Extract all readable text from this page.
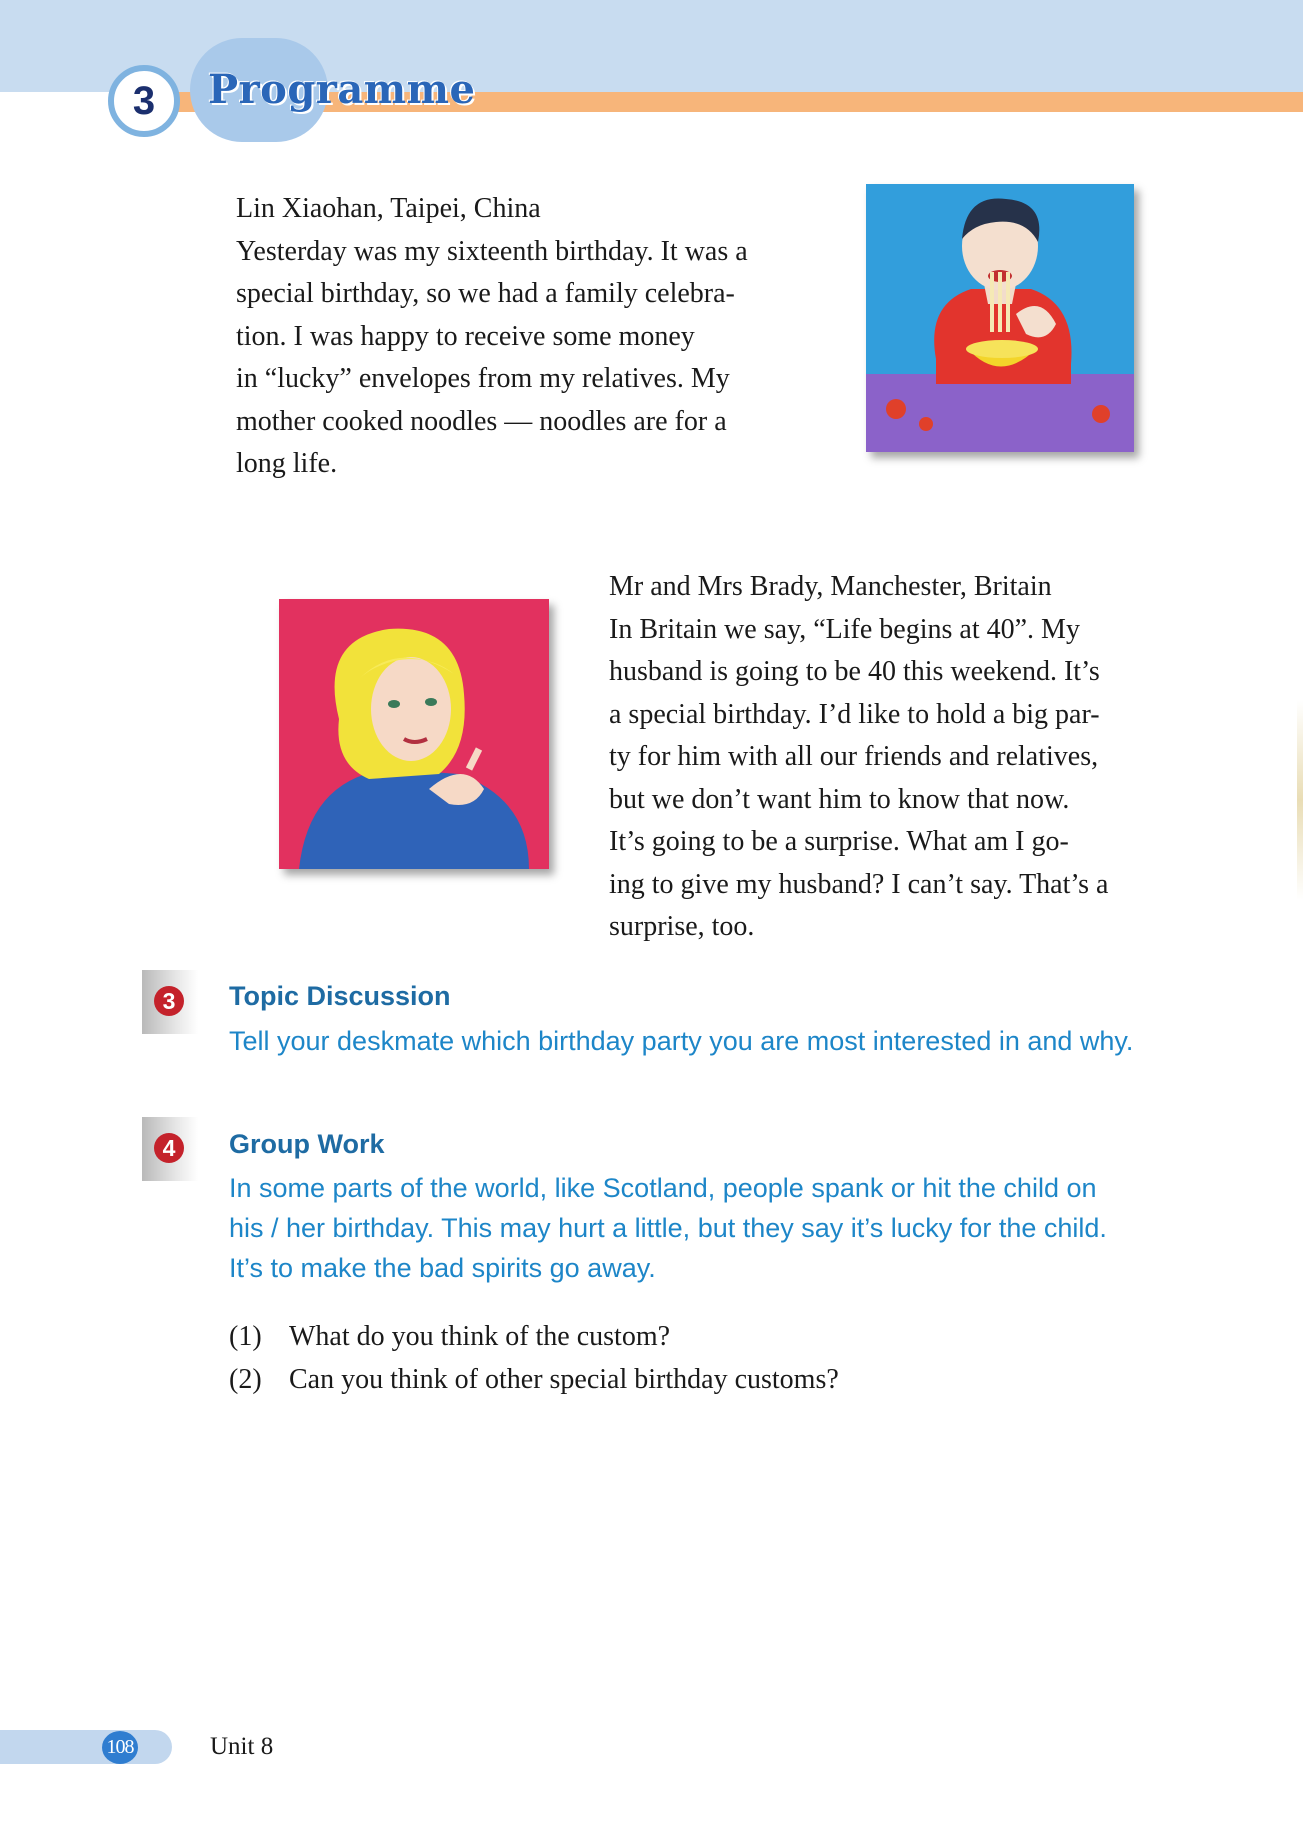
3 Programme
Lin Xiaohan, Taipei, China
Yesterday was my sixteenth birthday. It was a
special birthday, so we had a family celebra-
tion. I was happy to receive some money
in “lucky” envelopes from my relatives. My
mother cooked noodles — noodles are for a
long life.
Mr and Mrs Brady, Manchester, Britain
In Britain we say, “Life begins at 40”. My
husband is going to be 40 this weekend. It’s
a special birthday. I’d like to hold a big par-
ty for him with all our friends and relatives,
but we don’t want him to know that now.
It’s going to be a surprise. What am I go-
ing to give my husband? I can’t say. That’s a
surprise, too.
3	Topic Discussion
Tell your deskmate which birthday party you are most interested in and why.
4	Group Work
In some parts of the world, like Scotland, people spank or hit the child on
his / her birthday. This may hurt a little, but they say it’s lucky for the child.
It’s to make the bad spirits go away.
(1) What do you think of the custom?
(2) Can you think of other special birthday customs?
108	Unit 8
